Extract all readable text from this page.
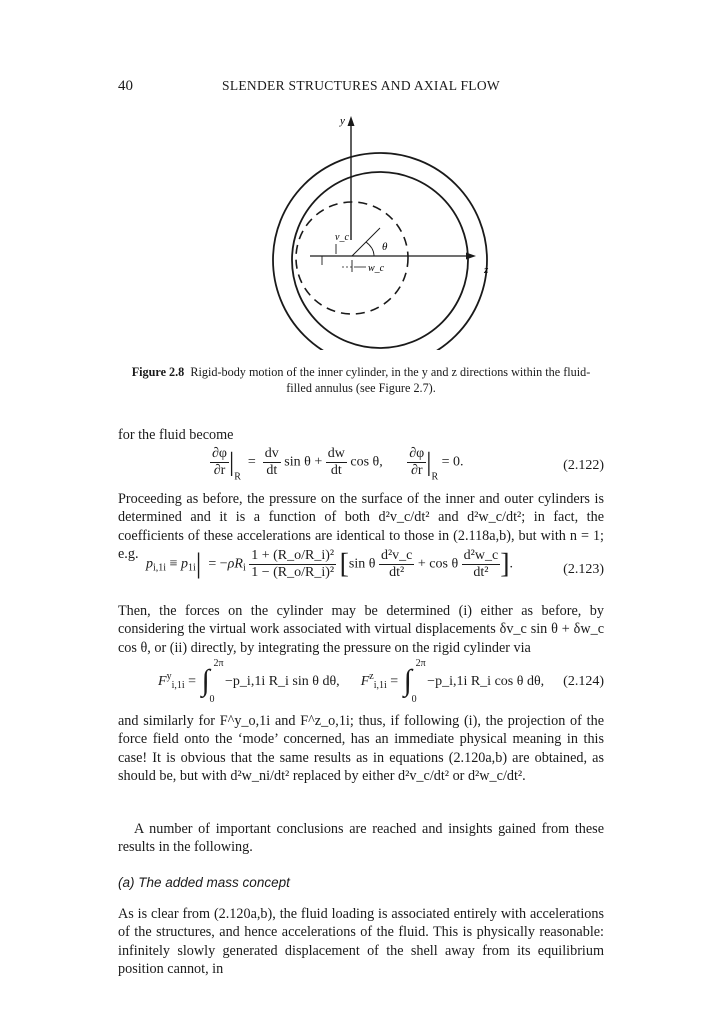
40	SLENDER STRUCTURES AND AXIAL FLOW
y
z
θ
v_c
w_c
Figure 2.8 Rigid-body motion of the inner cylinder, in the y and z directions within the fluid-filled annulus (see Figure 2.7).
for the fluid become
$\frac{\partial\varphi}{\partial r} |_R = \frac{dv}{dt}$ $\sin \theta + \frac{dw}{dt}$ cos θ, $\frac{\partial\varphi}{\partial r} |_R = 0$.	(2.122)
Proceeding as before, the pressure on the surface of the inner and outer cylinders is determined and it is a function of both d²v_c/dt² and d²w_c/dt²; in fact, the coefficients of these accelerations are identical to those in (2.118a,b), but with n = 1; e.g.
$p_{i,1i} \equiv p_{1i}| = -\rho R_i \frac{\text{1 + (R\_o/R\_i)²}}{\text{1 − (R\_o/R\_i)²}} [\sin$ θ $\frac{\text{d²v\_c}}{\text{dt²}} + \cos \theta \frac{\text{d²w\_c}}{\text{dt²}}$ ].	(2.123)
Then, the forces on the cylinder may be determined (i) either as before, by considering the virtual work associated with virtual displacements δv_c sin θ + δw_c cos θ, or (ii) directly, by integrating the pressure on the rigid cylinder via
$F^y_{i,1i}$ = ∫
2π
0
−p_i,1i R_i sin θ dθ, $F^z_{i,1i}$ = ∫
2π
0
−p_i,1i R_i cos θ dθ, (2.124)
and similarly for F^y_o,1i and F^z_o,1i; thus, if following (i), the projection of the force field onto the ‘mode’ concerned, has an immediate physical meaning in this case! It is obvious that the same results as in equations (2.120a,b) are obtained, as should be, but with d²w_ni/dt² replaced by either d²v_c/dt² or d²w_c/dt².
A number of important conclusions are reached and insights gained from these results in the following.
(a) The added mass concept
As is clear from (2.120a,b), the fluid loading is associated entirely with accelerations of the structures, and hence accelerations of the fluid. This is physically reasonable: infinitely slowly generated displacement of the shell away from its equilibrium position cannot, in
